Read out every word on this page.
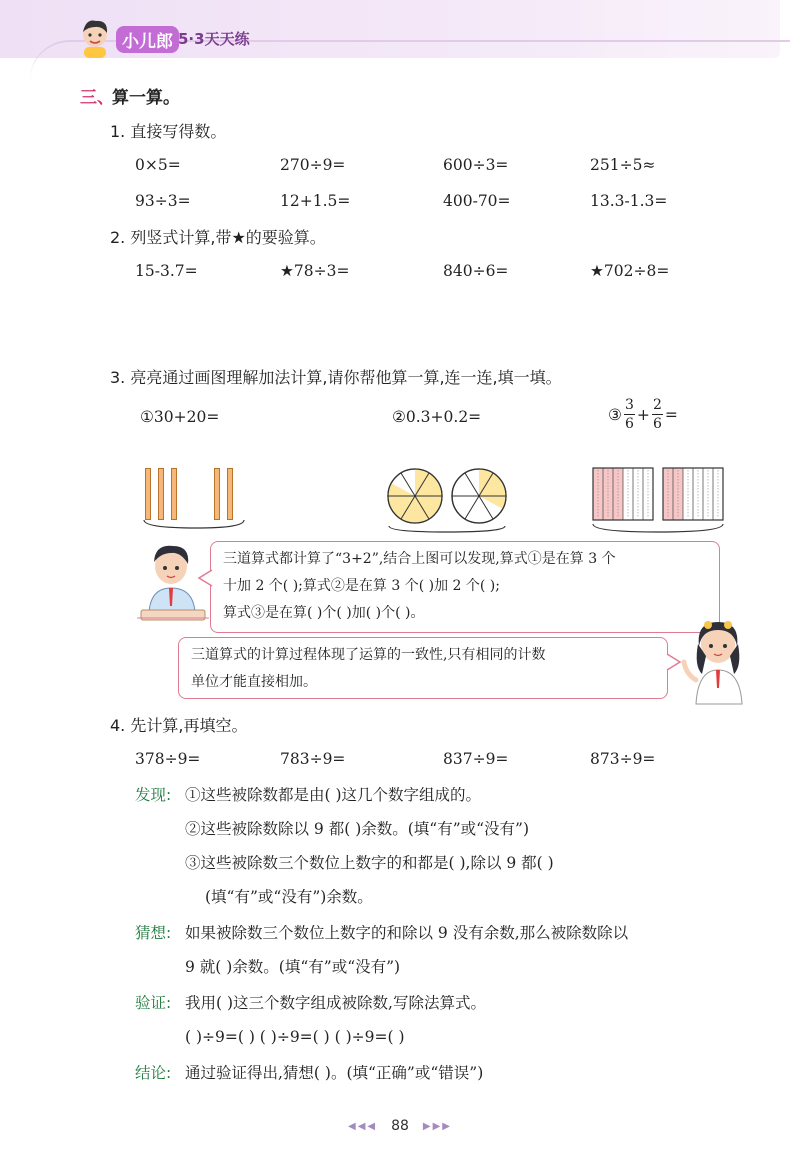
小儿郎 5·3天天练
三、
算一算。
1. 直接写得数。
0×5=	270÷9=	600÷3=	251÷5≈
93÷3=	12+1.5=	400-70=	13.3-1.3=
2. 列竖式计算,带★的要验算。
15-3.7=	★78÷3=	840÷6=	★702÷8=
3. 亮亮通过画图理解加法计算,请你帮他算一算,连一连,填一填。
①30+20=	②0.3+0.2=	③ $\frac{3}{6} + \frac{2}{6}$ =
三道算式都计算了“3+2”,结合上图可以发现,算式①是在算 3 个
十加 2 个( );算式②是在算 3 个( )加 2 个( );
算式③是在算( )个( )加( )个( )。
三道算式的计算过程体现了运算的一致性,只有相同的计数
单位才能直接相加。
4. 先计算,再填空。
378÷9=	783÷9=	837÷9=	873÷9=
发现: ①这些被除数都是由( )这几个数字组成的。
②这些被除数除以 9 都( )余数。(填“有”或“没有”)
③这些被除数三个数位上数字的和都是( ),除以 9 都( )
(填“有”或“没有”)余数。
猜想: 如果被除数三个数位上数字的和除以 9 没有余数,那么被除数除以
9 就( )余数。(填“有”或“没有”)
验证: 我用( )这三个数字组成被除数,写除法算式。
( )÷9=( ) ( )÷9=( ) ( )÷9=( )
结论: 通过验证得出,猜想( )。(填“正确”或“错误”)
◀◀◀ 88 ▶▶▶
